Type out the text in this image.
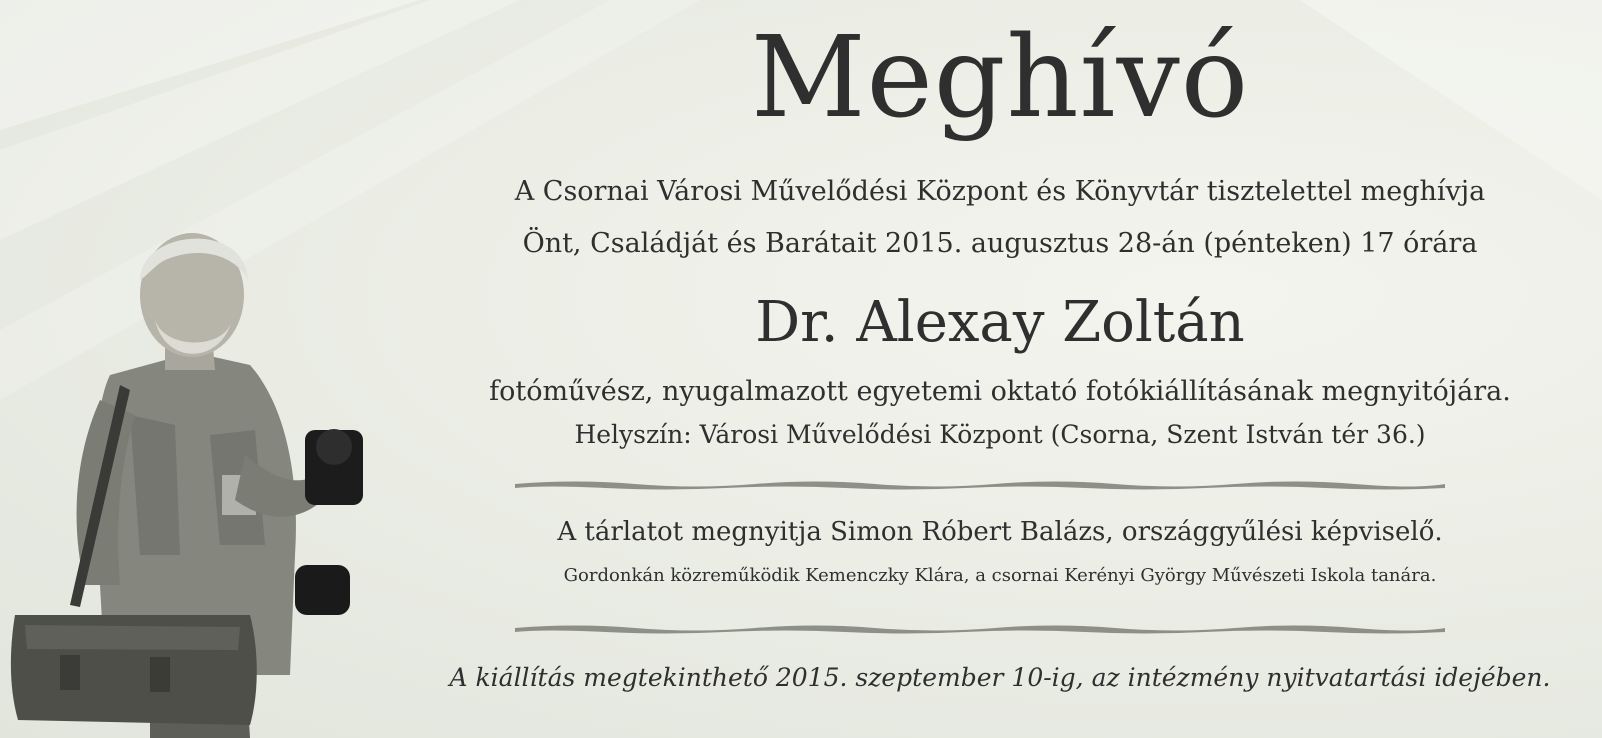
Meghívó
A Csornai Városi Művelődési Központ és Könyvtár tisztelettel meghívja
Önt, Családját és Barátait 2015. augusztus 28-án (pénteken) 17 órára
Dr. Alexay Zoltán
fotóművész, nyugalmazott egyetemi oktató fotókiállításának megnyitójára.
Helyszín: Városi Művelődési Központ (Csorna, Szent István tér 36.)
A tárlatot megnyitja Simon Róbert Balázs, országgyűlési képviselő.
Gordonkán közreműködik Kemenczky Klára, a csornai Kerényi György Művészeti Iskola tanára.
A kiállítás megtekinthető 2015. szeptember 10-ig, az intézmény nyitvatartási idejében.
